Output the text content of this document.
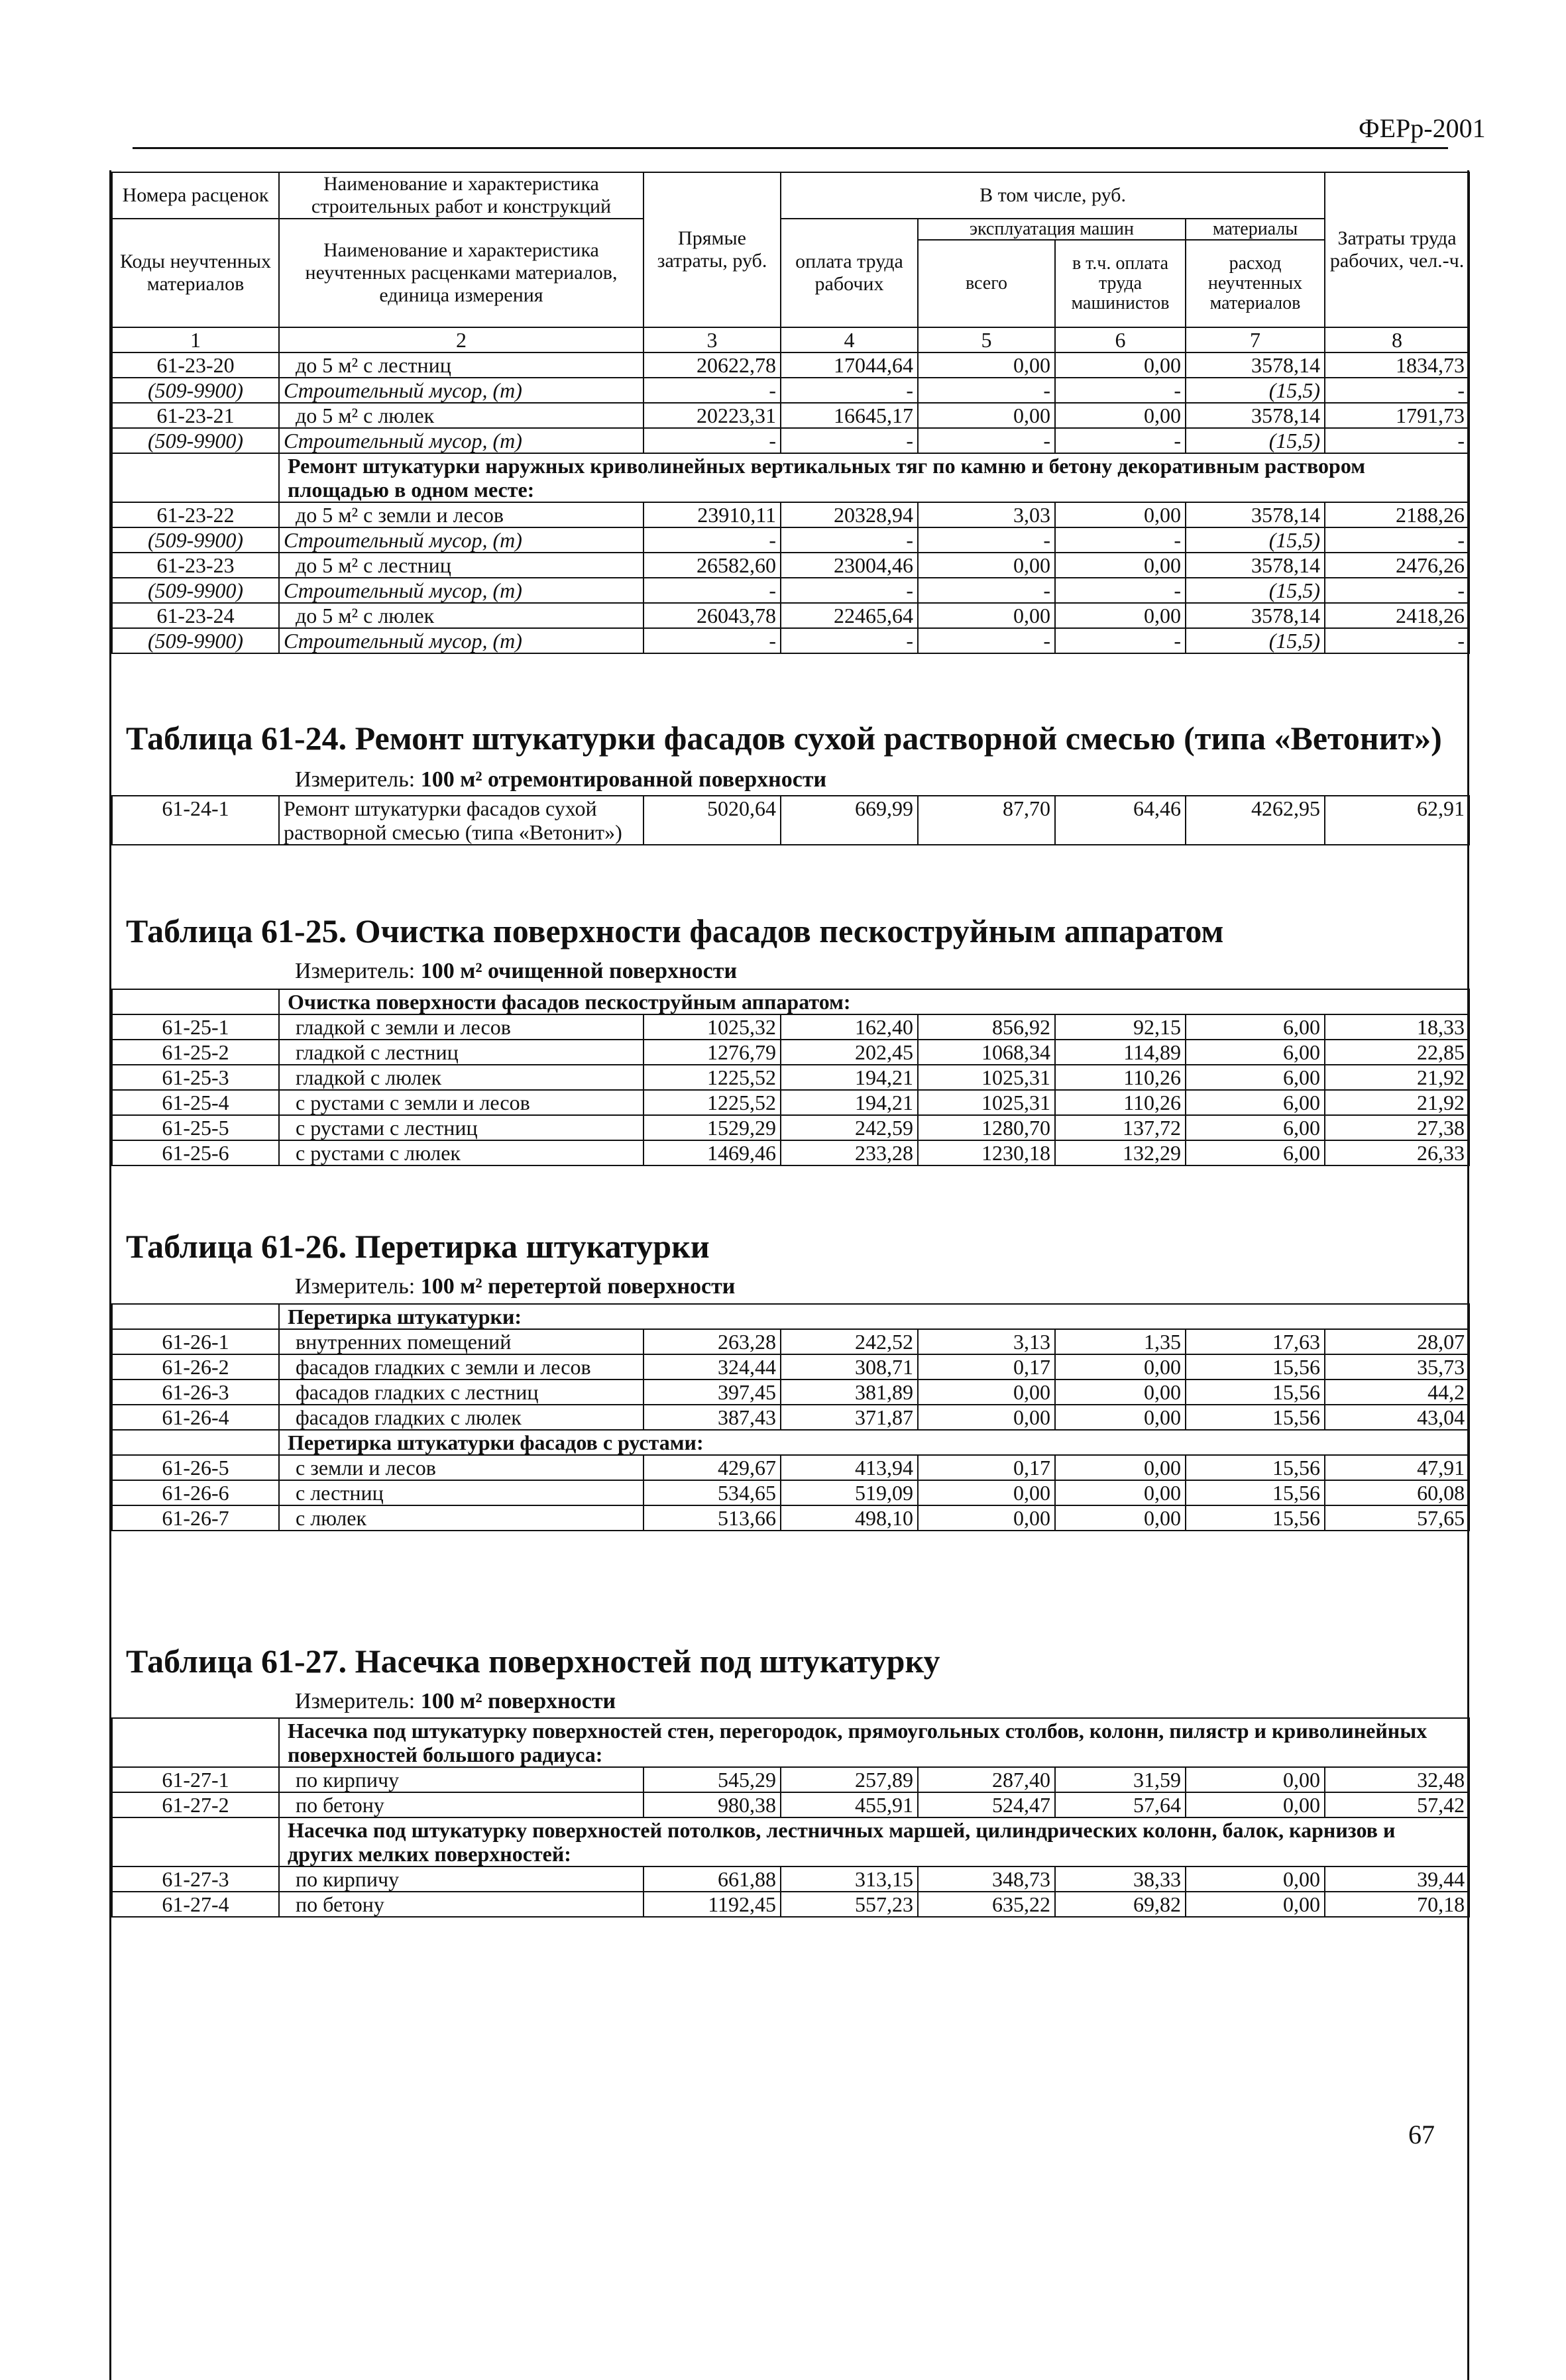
ФЕРр-2001
Номера расценок	Наименование и характеристика строительных работ и конструкций	Прямые затраты, руб.	В том числе, руб.				Затраты труда рабочих, чел.-ч.
Коды неучтенных материалов	Наименование и характеристика неучтенных расценками материалов, единица измерения		оплата труда рабочих	эксплуатация машин		материалы	
				всего	в т.ч. оплата труда машинистов	расход неучтенных материалов	
1	2	3	4	5	6	7	8
61-23-20	до 5 м² с лестниц	20622,78	17044,64	0,00	0,00	3578,14	1834,73
(509-9900)	Строительный мусор, (т)	-	-	-	-	(15,5)	-
61-23-21	до 5 м² с люлек	20223,31	16645,17	0,00	0,00	3578,14	1791,73
(509-9900)	Строительный мусор, (т)	-	-	-	-	(15,5)	-
	Ремонт штукатурки наружных криволинейных вертикальных тяг по камню и бетону декоративным раствором площадью в одном месте:						
61-23-22	до 5 м² с земли и лесов	23910,11	20328,94	3,03	0,00	3578,14	2188,26
(509-9900)	Строительный мусор, (т)	-	-	-	-	(15,5)	-
61-23-23	до 5 м² с лестниц	26582,60	23004,46	0,00	0,00	3578,14	2476,26
(509-9900)	Строительный мусор, (т)	-	-	-	-	(15,5)	-
61-23-24	до 5 м² с люлек	26043,78	22465,64	0,00	0,00	3578,14	2418,26
(509-9900)	Строительный мусор, (т)	-	-	-	-	(15,5)	-
Таблица 61-24. Ремонт штукатурки фасадов сухой растворной смесью (типа «Ветонит»)
Измеритель: 100 м² отремонтированной поверхности
61-24-1	Ремонт штукатурки фасадов сухой растворной смесью (типа «Ветонит»)	5020,64	669,99	87,70	64,46	4262,95	62,91
Таблица 61-25. Очистка поверхности фасадов пескоструйным аппаратом
Измеритель: 100 м² очищенной поверхности
	Очистка поверхности фасадов пескоструйным аппаратом:						
61-25-1	гладкой с земли и лесов	1025,32	162,40	856,92	92,15	6,00	18,33
61-25-2	гладкой с лестниц	1276,79	202,45	1068,34	114,89	6,00	22,85
61-25-3	гладкой с люлек	1225,52	194,21	1025,31	110,26	6,00	21,92
61-25-4	с рустами с земли и лесов	1225,52	194,21	1025,31	110,26	6,00	21,92
61-25-5	с рустами с лестниц	1529,29	242,59	1280,70	137,72	6,00	27,38
61-25-6	с рустами с люлек	1469,46	233,28	1230,18	132,29	6,00	26,33
Таблица 61-26. Перетирка штукатурки
Измеритель: 100 м² перетертой поверхности
	Перетирка штукатурки:						
61-26-1	внутренних помещений	263,28	242,52	3,13	1,35	17,63	28,07
61-26-2	фасадов гладких с земли и лесов	324,44	308,71	0,17	0,00	15,56	35,73
61-26-3	фасадов гладких с лестниц	397,45	381,89	0,00	0,00	15,56	44,2
61-26-4	фасадов гладких с люлек	387,43	371,87	0,00	0,00	15,56	43,04
	Перетирка штукатурки фасадов с рустами:						
61-26-5	с земли и лесов	429,67	413,94	0,17	0,00	15,56	47,91
61-26-6	с лестниц	534,65	519,09	0,00	0,00	15,56	60,08
61-26-7	с люлек	513,66	498,10	0,00	0,00	15,56	57,65
Таблица 61-27. Насечка поверхностей под штукатурку
Измеритель: 100 м² поверхности
	Насечка под штукатурку поверхностей стен, перегородок, прямоугольных столбов, колонн, пилястр и криволинейных поверхностей большого радиуса:						
61-27-1	по кирпичу	545,29	257,89	287,40	31,59	0,00	32,48
61-27-2	по бетону	980,38	455,91	524,47	57,64	0,00	57,42
	Насечка под штукатурку поверхностей потолков, лестничных маршей, цилиндрических колонн, балок, карнизов и других мелких поверхностей:						
61-27-3	по кирпичу	661,88	313,15	348,73	38,33	0,00	39,44
61-27-4	по бетону	1192,45	557,23	635,22	69,82	0,00	70,18
67
